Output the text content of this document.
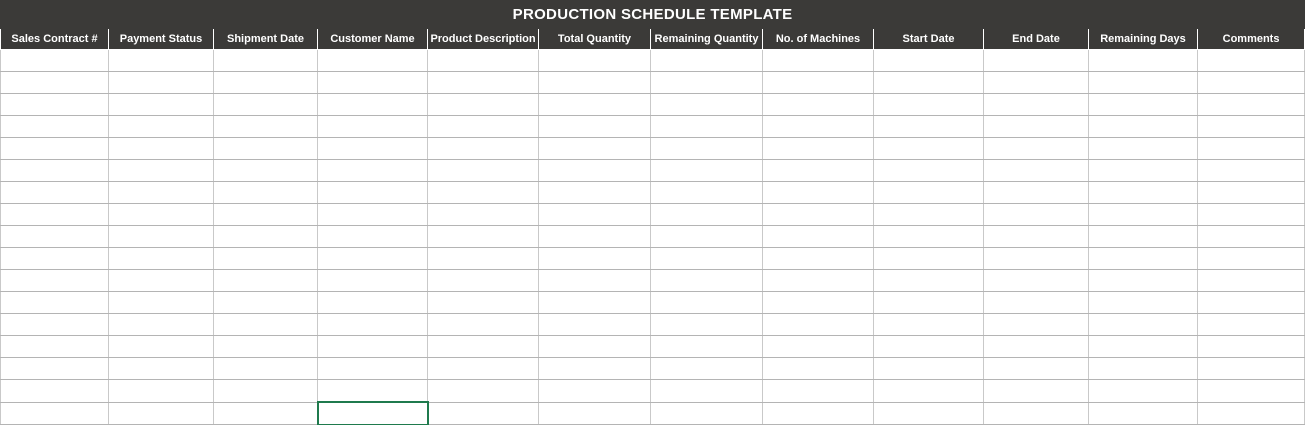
PRODUCTION SCHEDULE TEMPLATE											
Sales Contract #	Payment Status	Shipment Date	Customer Name	Product Description	Total Quantity	Remaining Quantity	No. of Machines	Start Date	End Date	Remaining Days	Comments
